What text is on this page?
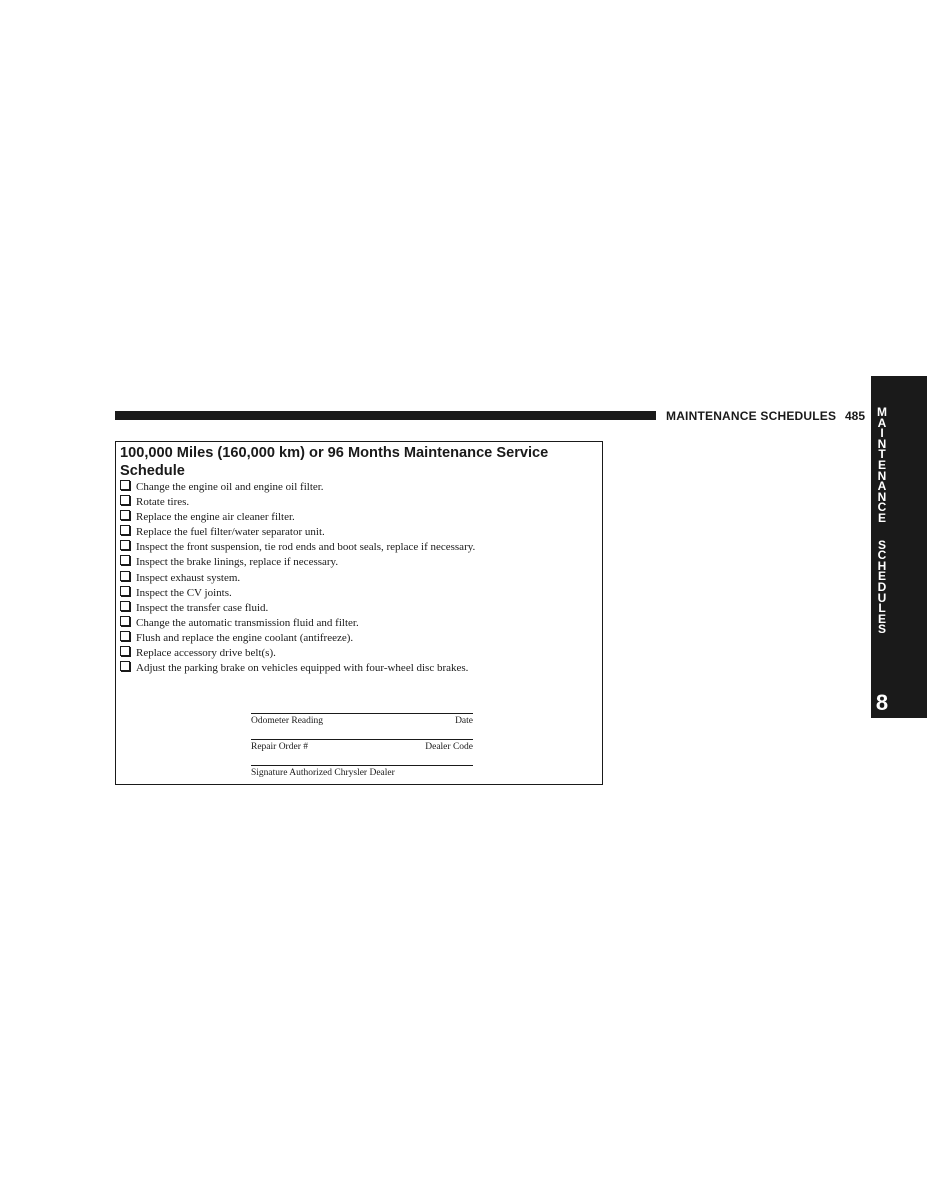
MAINTENANCE SCHEDULES 485 M
A
I
N
T
E
N
A
N
C
E
S
C
H
E
D
U
L
E
S
8
100,000 Miles (160,000 km) or 96 Months Maintenance Service Schedule
Change the engine oil and engine oil filter.
Rotate tires.
Replace the engine air cleaner filter.
Replace the fuel filter/water separator unit.
Inspect the front suspension, tie rod ends and boot seals, replace if necessary.
Inspect the brake linings, replace if necessary.
Inspect exhaust system.
Inspect the CV joints.
Inspect the transfer case fluid.
Change the automatic transmission fluid and filter.
Flush and replace the engine coolant (antifreeze).
Replace accessory drive belt(s).
Adjust the parking brake on vehicles equipped with four-wheel disc brakes.
Odometer Reading	Date
Repair Order #	Dealer Code
Signature Authorized Chrysler Dealer
